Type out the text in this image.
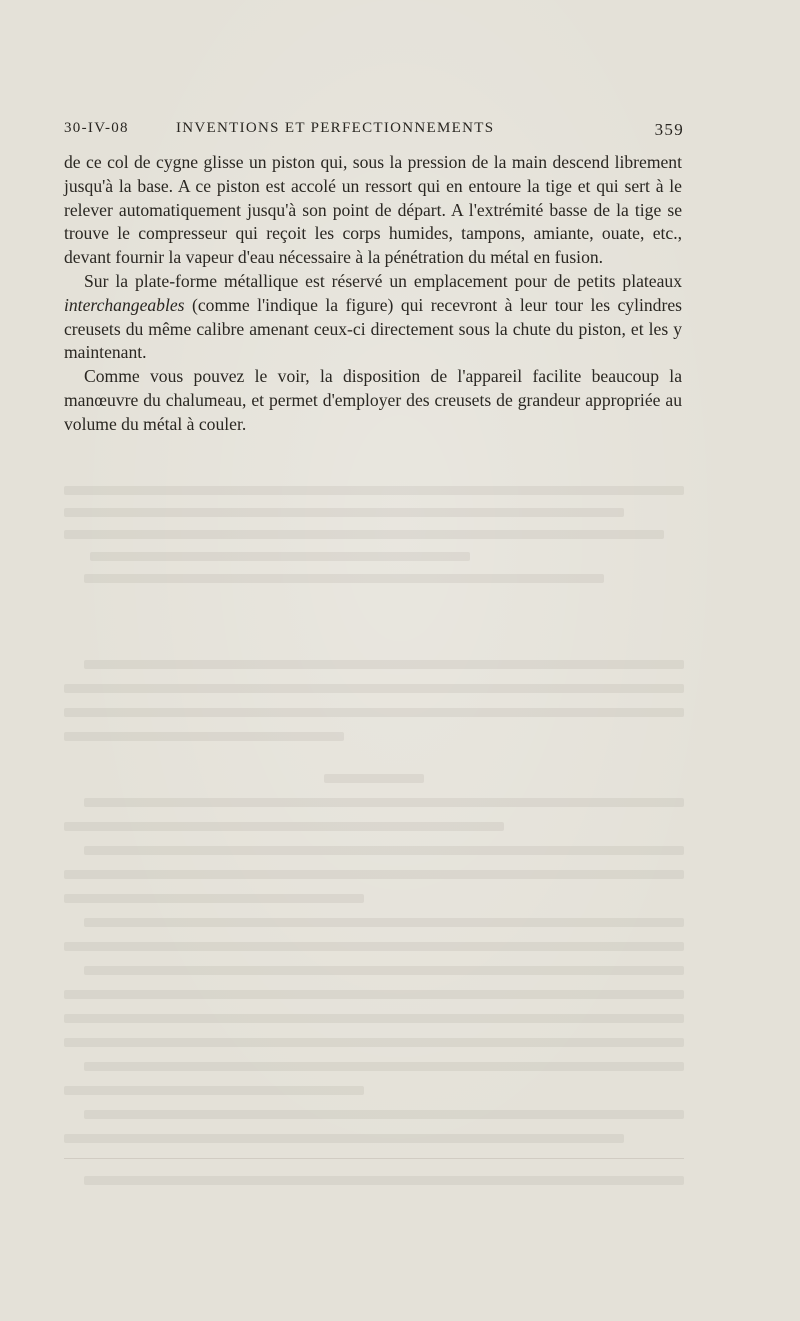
30-IV-08	INVENTIONS ET PERFECTIONNEMENTS	359

de ce col de cygne glisse un piston qui, sous la pression de la main descend librement jusqu'à la base. A ce piston est accolé un ressort qui en entoure la tige et qui sert à le relever automatiquement jusqu'à son point de départ. A l'extrémité basse de la tige se trouve le compresseur qui reçoit les corps humides, tampons, amiante, ouate, etc., devant fournir la vapeur d'eau nécessaire à la pénétration du métal en fusion.

Sur la plate-forme métallique est réservé un emplacement pour de petits plateaux interchangeables (comme l'indique la figure) qui recevront à leur tour les cylindres creusets du même calibre amenant ceux-ci directement sous la chute du piston, et les y maintenant.

Comme vous pouvez le voir, la disposition de l'appareil facilite beaucoup la manœuvre du chalumeau, et permet d'employer des creusets de grandeur appropriée au volume du métal à couler.
